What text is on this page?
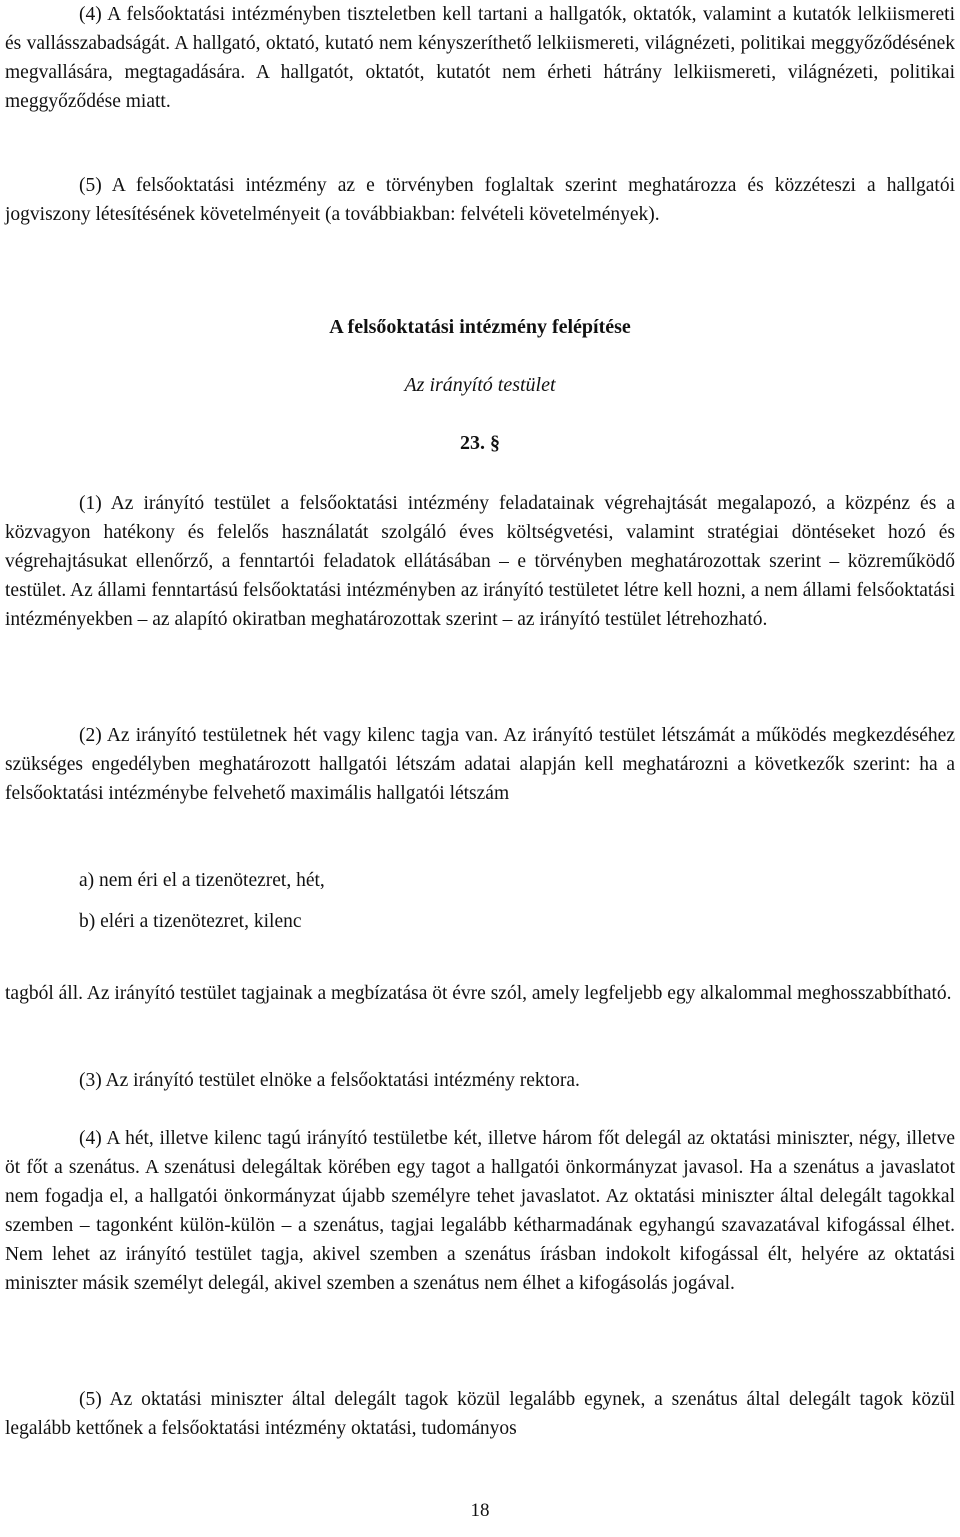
(4) A felsőoktatási intézményben tiszteletben kell tartani a hallgatók, oktatók, valamint a kutatók lelkiismereti és vallásszabadságát. A hallgató, oktató, kutató nem kényszeríthető lelkiismereti, világnézeti, politikai meggyőződésének megvallására, megtagadására. A hallgatót, oktatót, kutatót nem érheti hátrány lelkiismereti, világnézeti, politikai meggyőződése miatt.

(5) A felsőoktatási intézmény az e törvényben foglaltak szerint meghatározza és közzéteszi a hallgatói jogviszony létesítésének követelményeit (a továbbiakban: felvételi követelmények).

A felsőoktatási intézmény felépítése

Az irányító testület

23. §

(1) Az irányító testület a felsőoktatási intézmény feladatainak végrehajtását megalapozó, a közpénz és a közvagyon hatékony és felelős használatát szolgáló éves költségvetési, valamint stratégiai döntéseket hozó és végrehajtásukat ellenőrző, a fenntartói feladatok ellátásában – e törvényben meghatározottak szerint – közreműködő testület. Az állami fenntartású felsőoktatási intézményben az irányító testületet létre kell hozni, a nem állami felsőoktatási intézményekben – az alapító okiratban meghatározottak szerint – az irányító testület létrehozható.

(2) Az irányító testületnek hét vagy kilenc tagja van. Az irányító testület létszámát a működés megkezdéséhez szükséges engedélyben meghatározott hallgatói létszám adatai alapján kell meghatározni a következők szerint: ha a felsőoktatási intézménybe felvehető maximális hallgatói létszám

a) nem éri el a tizenötezret, hét,

b) eléri a tizenötezret, kilenc

tagból áll. Az irányító testület tagjainak a megbízatása öt évre szól, amely legfeljebb egy alkalommal meghosszabbítható.

(3) Az irányító testület elnöke a felsőoktatási intézmény rektora.

(4) A hét, illetve kilenc tagú irányító testületbe két, illetve három főt delegál az oktatási miniszter, négy, illetve öt főt a szenátus. A szenátusi delegáltak körében egy tagot a hallgatói önkormányzat javasol. Ha a szenátus a javaslatot nem fogadja el, a hallgatói önkormányzat újabb személyre tehet javaslatot. Az oktatási miniszter által delegált tagokkal szemben – tagonként külön-külön – a szenátus, tagjai legalább kétharmadának egyhangú szavazatával kifogással élhet. Nem lehet az irányító testület tagja, akivel szemben a szenátus írásban indokolt kifogással élt, helyére az oktatási miniszter másik személyt delegál, akivel szemben a szenátus nem élhet a kifogásolás jogával.

(5) Az oktatási miniszter által delegált tagok közül legalább egynek, a szenátus által delegált tagok közül legalább kettőnek a felsőoktatási intézmény oktatási, tudományos

18
